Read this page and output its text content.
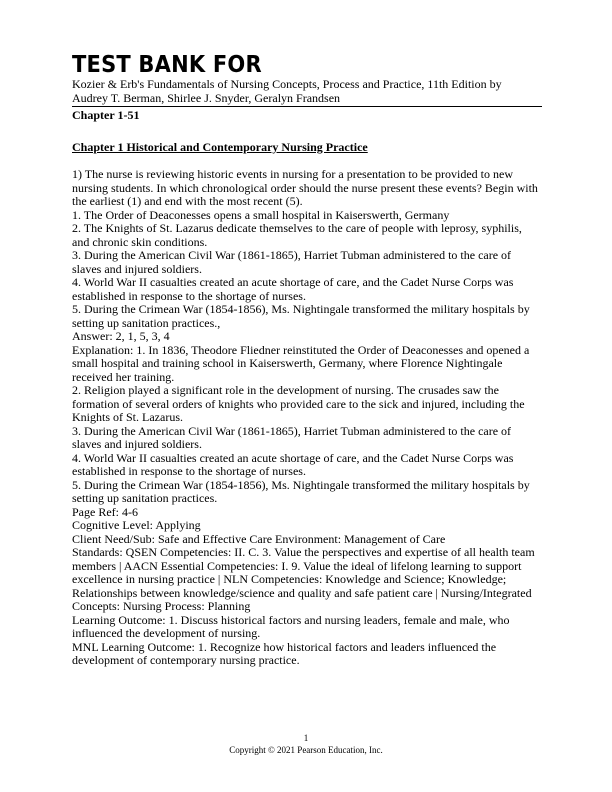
TEST BANK FOR

Kozier & Erb's Fundamentals of Nursing Concepts, Process and Practice, 11th Edition by

Audrey T. Berman, Shirlee J. Snyder, Geralyn Frandsen

Chapter 1-51

Chapter 1 Historical and Contemporary Nursing Practice

1) The nurse is reviewing historic events in nursing for a presentation to be provided to new nursing students. In which chronological order should the nurse present these events? Begin with the earliest (1) and end with the most recent (5).

1. The Order of Deaconesses opens a small hospital in Kaiserswerth, Germany

2. The Knights of St. Lazarus dedicate themselves to the care of people with leprosy, syphilis, and chronic skin conditions.

3. During the American Civil War (1861-1865), Harriet Tubman administered to the care of slaves and injured soldiers.

4. World War II casualties created an acute shortage of care, and the Cadet Nurse Corps was established in response to the shortage of nurses.

5. During the Crimean War (1854-1856), Ms. Nightingale transformed the military hospitals by setting up sanitation practices.,

Answer: 2, 1, 5, 3, 4

Explanation: 1. In 1836, Theodore Fliedner reinstituted the Order of Deaconesses and opened a small hospital and training school in Kaiserswerth, Germany, where Florence Nightingale received her training.

2. Religion played a significant role in the development of nursing. The crusades saw the formation of several orders of knights who provided care to the sick and injured, including the Knights of St. Lazarus.

3. During the American Civil War (1861-1865), Harriet Tubman administered to the care of slaves and injured soldiers.

4. World War II casualties created an acute shortage of care, and the Cadet Nurse Corps was established in response to the shortage of nurses.

5. During the Crimean War (1854-1856), Ms. Nightingale transformed the military hospitals by setting up sanitation practices.

Page Ref: 4-6

Cognitive Level: Applying

Client Need/Sub: Safe and Effective Care Environment: Management of Care

Standards: QSEN Competencies: II. C. 3. Value the perspectives and expertise of all health team members | AACN Essential Competencies: I. 9. Value the ideal of lifelong learning to support excellence in nursing practice | NLN Competencies: Knowledge and Science; Knowledge; Relationships between knowledge/science and quality and safe patient care | Nursing/Integrated Concepts: Nursing Process: Planning

Learning Outcome: 1. Discuss historical factors and nursing leaders, female and male, who influenced the development of nursing.

MNL Learning Outcome: 1. Recognize how historical factors and leaders influenced the development of contemporary nursing practice.

1
Copyright © 2021 Pearson Education, Inc.
